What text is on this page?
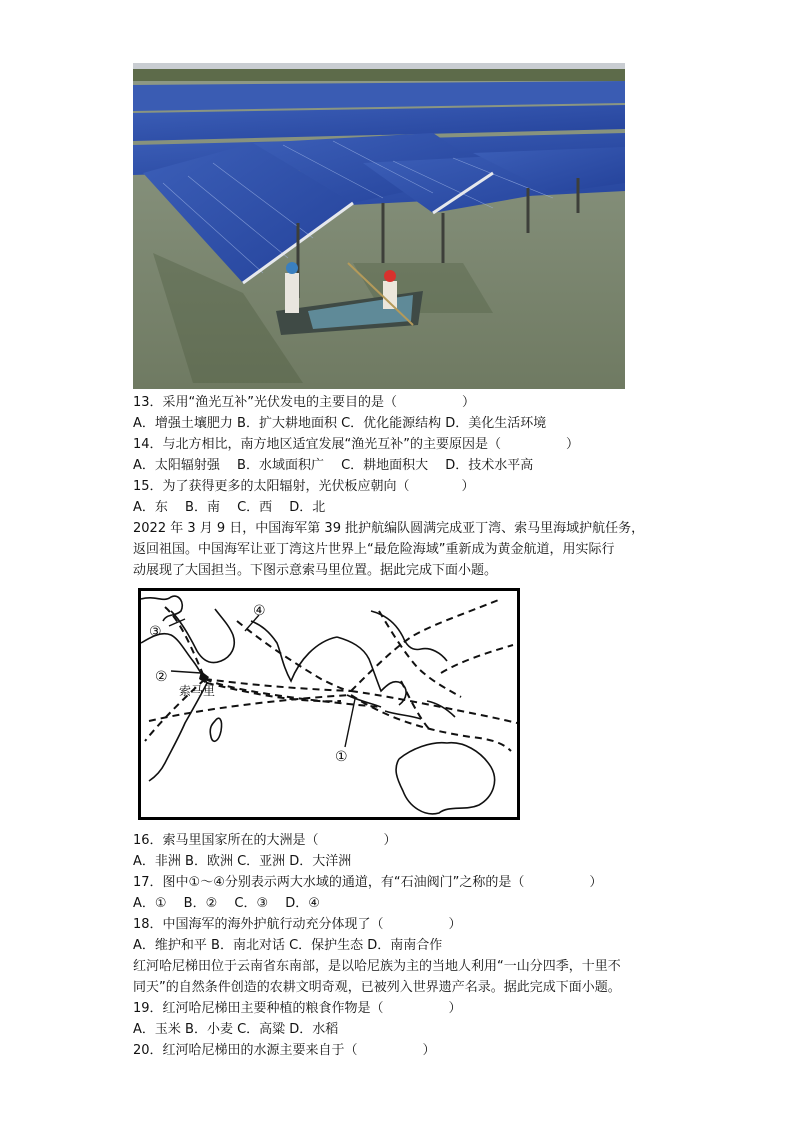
13．采用“渔光互补”光伏发电的主要目的是（　　　　　）
A．增强土壤肥力 B．扩大耕地面积 C．优化能源结构 D．美化生活环境
14．与北方相比，南方地区适宜发展“渔光互补”的主要原因是（　　　　　）
A．太阳辐射强　 B．水域面积广　 C．耕地面积大　 D．技术水平高
15．为了获得更多的太阳辐射，光伏板应朝向（　　　　）
A．东　 B．南　 C．西　 D．北
2022 年 3 月 9 日，中国海军第 39 批护航编队圆满完成亚丁湾、索马里海域护航任务，
返回祖国。中国海军让亚丁湾这片世界上“最危险海域”重新成为黄金航道，用实际行
动展现了大国担当。下图示意索马里位置。据此完成下面小题。
③
②
④
①
索马里
16．索马里国家所在的大洲是（　　　　　）
A．非洲 B．欧洲 C．亚洲 D．大洋洲
17．图中①～④分别表示两大水域的通道，有“石油阀门”之称的是（　　　　　）
A．①　 B．②　 C．③　 D．④
18．中国海军的海外护航行动充分体现了（　　　　　）
A．维护和平 B．南北对话 C．保护生态 D．南南合作
红河哈尼梯田位于云南省东南部，是以哈尼族为主的当地人利用“一山分四季，十里不
同天”的自然条件创造的农耕文明奇观，已被列入世界遗产名录。据此完成下面小题。
19．红河哈尼梯田主要种植的粮食作物是（　　　　　）
A．玉米 B．小麦 C．高粱 D．水稻
20．红河哈尼梯田的水源主要来自于（　　　　　）
